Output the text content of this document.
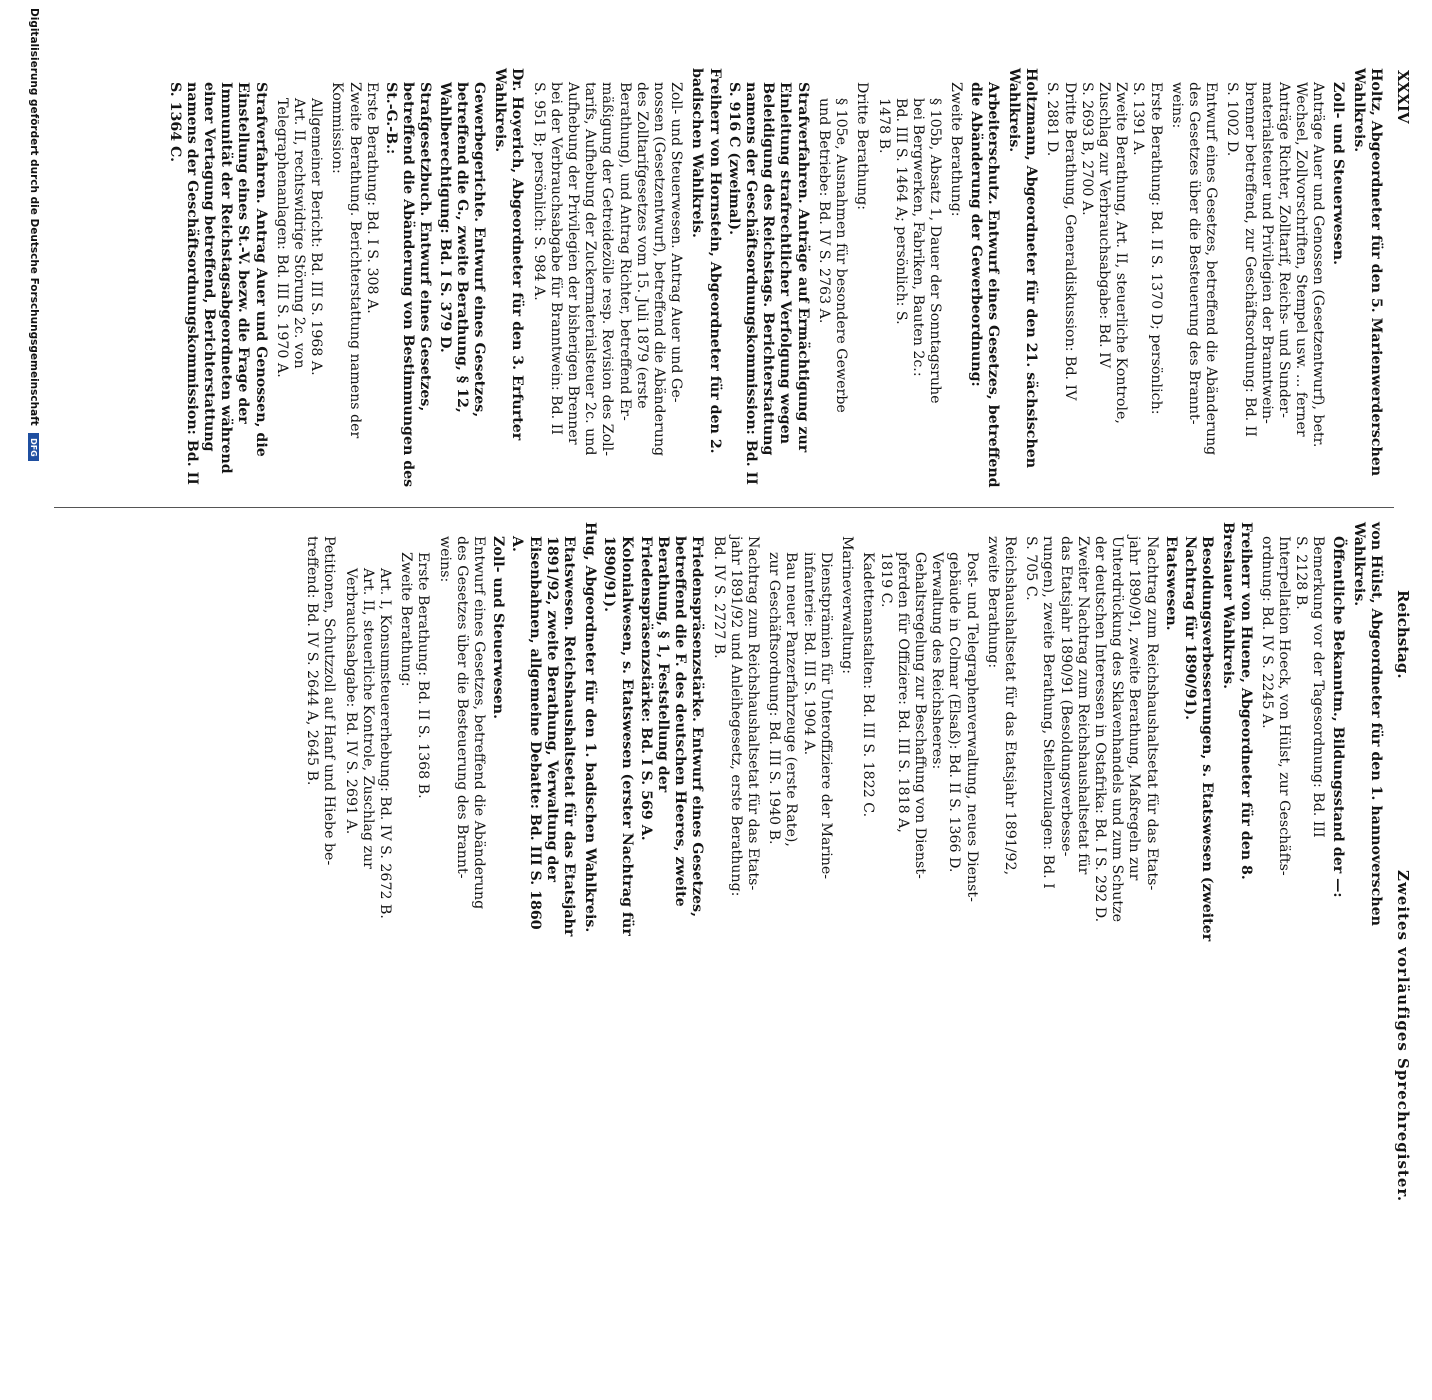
XXXIV
Reichstag.
Zweites vorläufiges Sprechregister.
Holtz, Abgeordneter für den 5. Marienwerderschen Wahlkreis.
Zoll- und Steuerwesen.
Anträge Auer und Genossen (Gesetzentwurf), betr.
Wechsel, Zollvorschriften, Stempel usw. ... ferner
Anträge Richter, Zolltarif, Reichs- und Sunder-
materialsteuer und Privilegien der Branntwein-
brenner betreffend, zur Geschäftsordnung: Bd. II
S. 1002 D.
Entwurf eines Gesetzes, betreffend die Abänderung
des Gesetzes über die Besteuerung des Brannt-
weins:
Erste Berathung: Bd. II S. 1370 D; persönlich:
S. 1391 A.
Zweite Berathung, Art. II, steuerliche Kontrole,
Zuschlag zur Verbrauchsabgabe: Bd. IV
S. 2693 B, 2700 A.
Dritte Berathung, Generaldiskussion: Bd. IV
S. 2881 D.
Holtzmann, Abgeordneter für den 21. sächsischen Wahlkreis.
Arbeiterschutz. Entwurf eines Gesetzes, betreffend die Abänderung der Gewerbeordnung:
Zweite Berathung:
§ 105b, Absatz 1, Dauer der Sonntagsruhe
bei Bergwerken, Fabriken, Bauten 2c.:
Bd. III S. 1464 A; persönlich: S.
1478 B.
Dritte Berathung:
§ 105e, Ausnahmen für besondere Gewerbe
und Betriebe: Bd. IV S. 2763 A.
Strafverfahren. Anträge auf Ermächtigung zur Einleitung strafrechtlicher Verfolgung wegen Beleidigung des Reichstags. Berichterstattung namens der Geschäftsordnungskommission: Bd. II S. 916 C (zweimal).
Freiherr von Hornstein, Abgeordneter für den 2. badischen Wahlkreis.
Zoll- und Steuerwesen. Antrag Auer und Ge-
nossen (Gesetzentwurf), betreffend die Abänderung
des Zolltarifgesetzes vom 15. Juli 1879 (erste
Berathung), und Antrag Richter, betreffend Er-
mäßigung der Getreidezölle resp. Revision des Zoll-
tarifs, Aufhebung der Zuckermaterialsteuer 2c. und
Aufhebung der Privilegien der bisherigen Brenner
bei der Verbrauchsabgabe für Branntwein: Bd. II
S. 951 B; persönlich: S. 984 A.
Dr. Hoyerich, Abgeordneter für den 3. Erfurter Wahlkreis.
Gewerbegerichte. Entwurf eines Gesetzes, betreffend die G., zweite Berathung, § 12, Wahlberechtigung: Bd. I S. 379 D.
Strafgesetzbuch. Entwurf eines Gesetzes, betreffend die Abänderung von Bestimmungen des St.-G.-B.:
Erste Berathung: Bd. I S. 308 A.
Zweite Berathung. Berichterstattung namens der
Kommission:
Allgemeiner Bericht: Bd. III S. 1968 A.
Art. II, rechtswidrige Störung 2c. von
Telegraphenanlagen: Bd. III S. 1970 A.
Strafverfahren. Antrag Auer und Genossen, die Einstellung eines St.-V. bezw. die Frage der Immunität der Reichstagsabgeordneten während einer Vertagung betreffend, Berichterstattung namens der Geschäftsordnungskommission: Bd. II S. 1364 C.
von Hülst, Abgeordneter für den 1. hannoverschen Wahlkreis.
Öffentliche Bekanntm., Bildungsstand der —:
Bemerkung vor der Tagesordnung: Bd. III
S. 2128 B.
Interpellation Hoeck, von Hülst, zur Geschäfts-
ordnung: Bd. IV S. 2245 A.
Freiherr von Huene, Abgeordneter für den 8. Breslauer Wahlkreis.
Besoldungsverbesserungen, s. Etatswesen (zweiter Nachtrag für 1890/91).
Etatswesen.
Nachtrag zum Reichshaushaltsetat für das Etats-
jahr 1890/91, zweite Berathung, Maßregeln zur
Unterdrückung des Sklavenhandels und zum Schutze
der deutschen Interessen in Ostafrika: Bd. I S. 292 D.
Zweiter Nachtrag zum Reichshaushaltsetat für
das Etatsjahr 1890/91 (Besoldungsverbesse-
rungen), zweite Berathung, Stellenzulagen: Bd. I
S. 705 C.
Reichshaushaltsetat für das Etatsjahr 1891/92,
zweite Berathung:
Post- und Telegraphenverwaltung, neues Dienst-
gebäude in Colmar (Elsaß): Bd. II S. 1366 D.
Verwaltung des Reichsheeres:
Gehaltsregelung zur Beschaffung von Dienst-
pferden für Offiziere: Bd. III S. 1818 A,
1819 C.
Kadettenanstalten: Bd. III S. 1822 C.
Marineverwaltung:
Dienstprämien für Unteroffiziere der Marine-
infanterie: Bd. III S. 1904 A.
Bau neuer Panzerfahrzeuge (erste Rate),
zur Geschäftsordnung: Bd. III S. 1940 B.
Nachtrag zum Reichshaushaltsetat für das Etats-
jahr 1891/92 und Anleihegesetz, erste Berathung:
Bd. IV S. 2727 B.
Friedenspräsenzstärke. Entwurf eines Gesetzes, betreffend die F. des deutschen Heeres, zweite Berathung, § 1, Feststellung der Friedenspräsenzstärke: Bd. I S. 569 A.
Kolonialwesen, s. Etatswesen (erster Nachtrag für 1890/91).
Hug, Abgeordneter für den 1. badischen Wahlkreis.
Etatswesen. Reichshaushaltsetat für das Etatsjahr 1891/92, zweite Berathung, Verwaltung der Eisenbahnen, allgemeine Debatte: Bd. III S. 1860 A.
Zoll- und Steuerwesen.
Entwurf eines Gesetzes, betreffend die Abänderung
des Gesetzes über die Besteuerung des Brannt-
weins:
Erste Berathung: Bd. II S. 1368 B.
Zweite Berathung:
Art. I, Konsumsteuererhebung: Bd. IV S. 2672 B.
Art. II, steuerliche Kontrole, Zuschlag zur
Verbrauchsabgabe: Bd. IV S. 2691 A.
Petitionen, Schutzzoll auf Hanf und Hiebe be-
treffend: Bd. IV S. 2644 A, 2645 B.
Digitalisierung gefördert durch die Deutsche Forschungsgemeinschaft DFG
